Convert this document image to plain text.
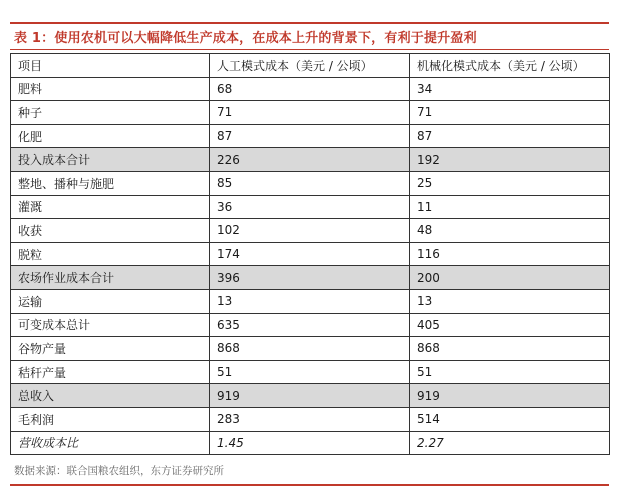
表 1：使用农机可以大幅降低生产成本，在成本上升的背景下，有利于提升盈利
项目	人工模式成本（美元 / 公顷）	机械化模式成本（美元 / 公顷）
肥料	68	34
种子	71	71
化肥	87	87
投入成本合计	226	192
整地、播种与施肥	85	25
灌溉	36	11
收获	102	48
脱粒	174	116
农场作业成本合计	396	200
运输	13	13
可变成本总计	635	405
谷物产量	868	868
秸秆产量	51	51
总收入	919	919
毛利润	283	514
营收成本比	1.45	2.27
数据来源：联合国粮农组织，东方证券研究所
